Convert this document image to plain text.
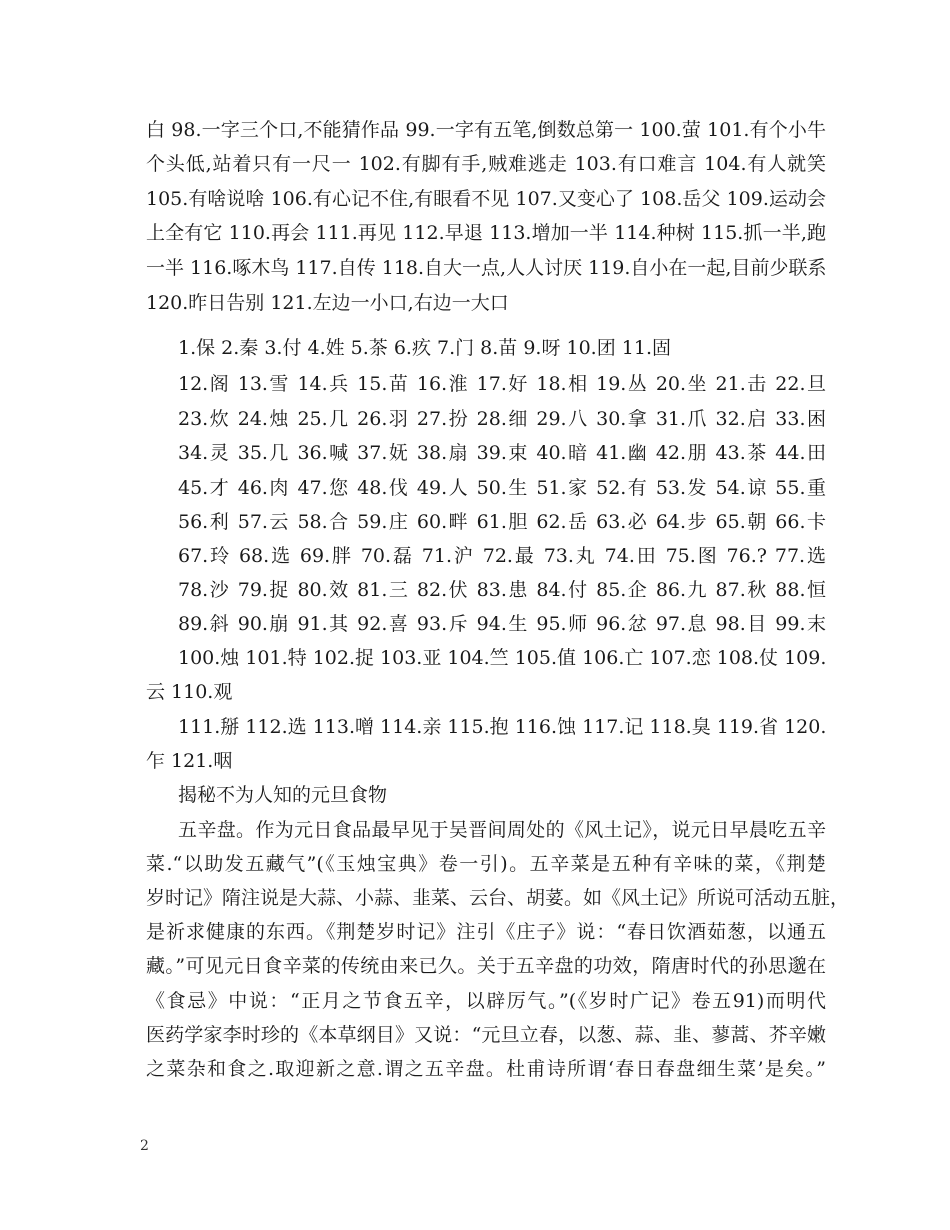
白 98.一字三个口,不能猜作品 99.一字有五笔,倒数总第一 100.萤 101.有个小牛
个头低,站着只有一尺一 102.有脚有手,贼难逃走 103.有口难言 104.有人就笑
105.有啥说啥 106.有心记不住,有眼看不见 107.又变心了 108.岳父 109.运动会
上全有它 110.再会 111.再见 112.早退 113.增加一半 114.种树 115.抓一半,跑
一半 116.啄木鸟 117.自传 118.自大一点,人人讨厌 119.自小在一起,目前少联系
120.昨日告别 121.左边一小口,右边一大口
1.保 2.秦 3.付 4.姓 5.茶 6.疚 7.门 8.苗 9.呀 10.团 11.固
12.阁 13.雪 14.兵 15.苗 16.淮 17.好 18.相 19.丛 20.坐 21.击 22.旦
23.炊 24.烛 25.几 26.羽 27.扮 28.细 29.八 30.拿 31.爪 32.启 33.困
34.灵 35.几 36.喊 37.妩 38.扇 39.束 40.暗 41.幽 42.朋 43.茶 44.田
45.才 46.肉 47.您 48.伐 49.人 50.生 51.家 52.有 53.发 54.谅 55.重
56.利 57.云 58.合 59.庄 60.畔 61.胆 62.岳 63.必 64.步 65.朝 66.卡
67.玲 68.选 69.胖 70.磊 71.沪 72.最 73.丸 74.田 75.图 76.? 77.选
78.沙 79.捉 80.效 81.三 82.伏 83.患 84.付 85.企 86.九 87.秋 88.恒
89.斜 90.崩 91.其 92.喜 93.斥 94.生 95.师 96.忿 97.息 98.目 99.末
100.烛 101.特 102.捉 103.亚 104.竺 105.值 106.亡 107.恋 108.仗 109.
云 110.观
111.掰 112.选 113.噌 114.亲 115.抱 116.蚀 117.记 118.臭 119.省 120.
乍 121.咽
揭秘不为人知的元旦食物
五辛盘。作为元日食品最早见于吴晋间周处的《风土记》，说元日早晨吃五辛
菜.“以助发五藏气”(《玉烛宝典》卷一引)。五辛菜是五种有辛味的菜，《荆楚
岁时记》隋注说是大蒜、小蒜、韭菜、云台、胡荽。如《风土记》所说可活动五脏，
是祈求健康的东西。《荆楚岁时记》注引《庄子》说：“春日饮酒茹葱，以通五
藏。”可见元日食辛菜的传统由来已久。关于五辛盘的功效，隋唐时代的孙思邈在
《食忌》中说：“正月之节食五辛，以辟厉气。”(《岁时广记》卷五91)而明代
医药学家李时珍的《本草纲目》又说：“元旦立春，以葱、蒜、韭、蓼蒿、芥辛嫩
之菜杂和食之.取迎新之意.谓之五辛盘。杜甫诗所谓‘春日春盘细生菜’是矣。”
2
